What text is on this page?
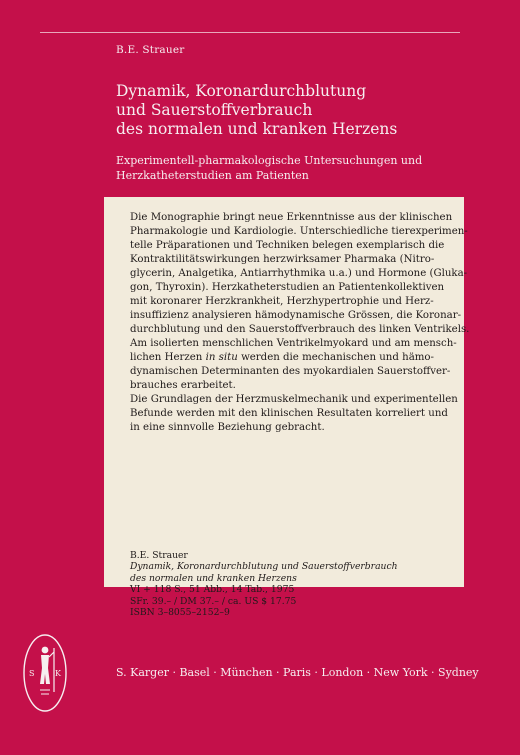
B.E. Strauer
Dynamik, Koronardurchblutung
und Sauerstoffverbrauch
des normalen und kranken Herzens
Experimentell-pharmakologische Untersuchungen und
Herzkatheterstudien am Patienten
Die Monographie bringt neue Erkenntnisse aus der klinischen
Pharmakologie und Kardiologie. Unterschiedliche tierexperimen-
telle Präparationen und Techniken belegen exemplarisch die
Kontraktilitätswirkungen herzwirksamer Pharmaka (Nitro-
glycerin, Analgetika, Antiarrhythmika u.a.) und Hormone (Gluka-
gon, Thyroxin). Herzkatheterstudien an Patientenkollektiven
mit koronarer Herzkrankheit, Herzhypertrophie und Herz-
insuffizienz analysieren hämodynamische Grössen, die Koronar-
durchblutung und den Sauerstoffverbrauch des linken Ventrikels.
Am isolierten menschlichen Ventrikelmyokard und am mensch-
lichen Herzen in situ werden die mechanischen und hämo-
dynamischen Determinanten des myokardialen Sauerstoffver-
brauches erarbeitet.
Die Grundlagen der Herzmuskelmechanik und experimentellen
Befunde werden mit den klinischen Resultaten korreliert und
in eine sinnvolle Beziehung gebracht.
B.E. Strauer
Dynamik, Koronardurchblutung und Sauerstoffverbrauch
des normalen und kranken Herzens
VI + 118 S., 51 Abb., 14 Tab., 1975
SFr. 39.– / DM 37.– / ca. US $ 17.75
ISBN 3–8055–2152–9
S	K	S. Karger · Basel · München · Paris · London · New York · Sydney
